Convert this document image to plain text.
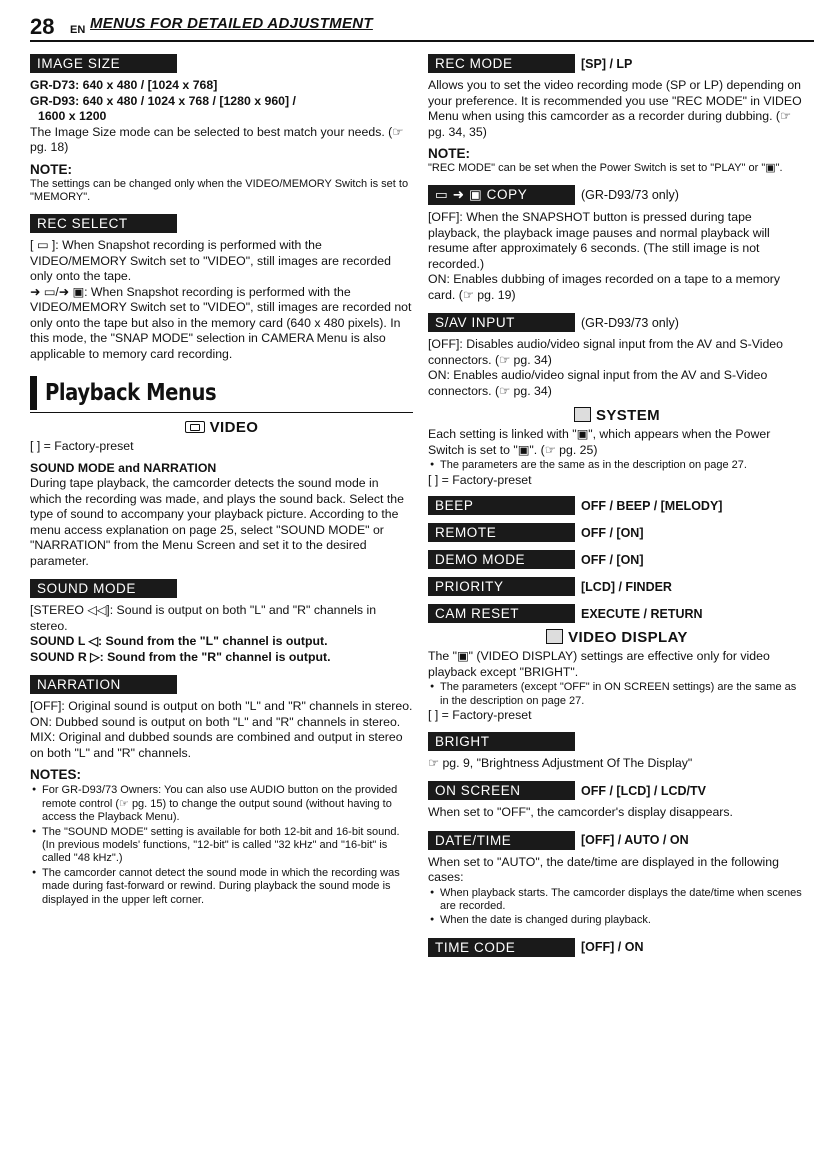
28 EN MENUS FOR DETAILED ADJUSTMENT
IMAGE SIZE

GR-D73: 640 x 480 / [1024 x 768]

GR-D93: 640 x 480 / 1024 x 768 / [1280 x 960] /

1600 x 1200

The Image Size mode can be selected to best match your needs. (☞ pg. 18)

NOTE:

The settings can be changed only when the VIDEO/MEMORY Switch is set to "MEMORY".

REC SELECT

[ ▭ ]: When Snapshot recording is performed with the VIDEO/MEMORY Switch set to "VIDEO", still images are recorded only onto the tape.

➜ ▭/➜ ▣: When Snapshot recording is performed with the VIDEO/MEMORY Switch set to "VIDEO", still images are recorded not only onto the tape but also in the memory card (640 x 480 pixels). In this mode, the "SNAP MODE" selection in CAMERA Menu is also applicable to memory card recording.

Playback Menus
VIDEO

[ ] = Factory-preset

SOUND MODE and NARRATION

During tape playback, the camcorder detects the sound mode in which the recording was made, and plays the sound back. Select the type of sound to accompany your playback picture. According to the menu access explanation on page 25, select "SOUND MODE" or "NARRATION" from the Menu Screen and set it to the desired parameter.

SOUND MODE

[STEREO ◁◁]: Sound is output on both "L" and "R" channels in stereo.

SOUND L ◁: Sound from the "L" channel is output.

SOUND R ▷: Sound from the "R" channel is output.

NARRATION

[OFF]: Original sound is output on both "L" and "R" channels in stereo.

ON: Dubbed sound is output on both "L" and "R" channels in stereo.

MIX: Original and dubbed sounds are combined and output in stereo on both "L" and "R" channels.

NOTES:

● For GR-D93/73 Owners: You can also use AUDIO button on the provided remote control (☞ pg. 15) to change the output sound (without having to access the Playback Menu).

● The "SOUND MODE" setting is available for both 12-bit and 16-bit sound. (In previous models' functions, "12-bit" is called "32 kHz" and "16-bit" is called "48 kHz".)

● The camcorder cannot detect the sound mode in which the recording was made during fast-forward or rewind. During playback the sound mode is displayed in the upper left corner.

REC MODE	[SP] / LP

Allows you to set the video recording mode (SP or LP) depending on your preference. It is recommended you use "REC MODE" in VIDEO Menu when using this camcorder as a recorder during dubbing. (☞ pg. 34, 35)

NOTE:

"REC MODE" can be set when the Power Switch is set to "PLAY" or "▣".

▭ ➜ ▣ COPY	(GR-D93/73 only)

[OFF]: When the SNAPSHOT button is pressed during tape playback, the playback image pauses and normal playback will resume after approximately 6 seconds. (The still image is not recorded.)

ON: Enables dubbing of images recorded on a tape to a memory card. (☞ pg. 19)

S/AV INPUT	(GR-D93/73 only)

[OFF]: Disables audio/video signal input from the AV and S-Video connectors. (☞ pg. 34)

ON: Enables audio/video signal input from the AV and S-Video connectors. (☞ pg. 34)

SYSTEM

Each setting is linked with "▣", which appears when the Power Switch is set to "▣". (☞ pg. 25)

● The parameters are the same as in the description on page 27.

[ ] = Factory-preset

BEEP	OFF / BEEP / [MELODY]
REMOTE	OFF / [ON]
DEMO MODE	OFF / [ON]
PRIORITY	[LCD] / FINDER
CAM RESET	EXECUTE / RETURN
VIDEO DISPLAY

The "▣" (VIDEO DISPLAY) settings are effective only for video playback except "BRIGHT".

● The parameters (except "OFF" in ON SCREEN settings) are the same as in the description on page 27.

[ ] = Factory-preset

BRIGHT

☞ pg. 9, "Brightness Adjustment Of The Display"

ON SCREEN	OFF / [LCD] / LCD/TV

When set to "OFF", the camcorder's display disappears.

DATE/TIME	[OFF] / AUTO / ON

When set to "AUTO", the date/time are displayed in the following cases:

● When playback starts. The camcorder displays the date/time when scenes are recorded.

● When the date is changed during playback.

TIME CODE	[OFF] / ON
